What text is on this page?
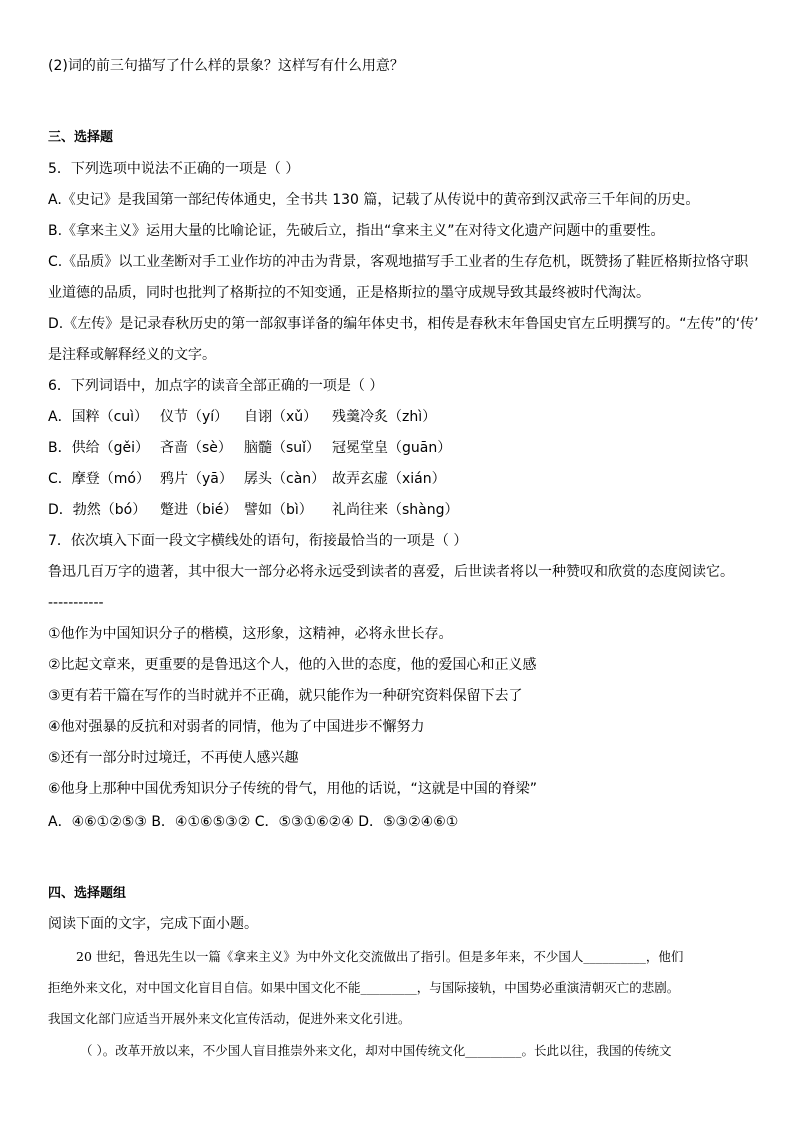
(2)词的前三句描写了什么样的景象？这样写有什么用意？
三、选择题
5．下列选项中说法不正确的一项是（ ）
A.《史记》是我国第一部纪传体通史，全书共 130 篇，记载了从传说中的黄帝到汉武帝三千年间的历史。
B.《拿来主义》运用大量的比喻论证，先破后立，指出“拿来主义”在对待文化遗产问题中的重要性。
C.《品质》以工业垄断对手工业作坊的冲击为背景，客观地描写手工业者的生存危机，既赞扬了鞋匠格斯拉恪守职
业道德的品质，同时也批判了格斯拉的不知变通，正是格斯拉的墨守成规导致其最终被时代淘汰。
D.《左传》是记录春秋历史的第一部叙事详备的编年体史书，相传是春秋末年鲁国史官左丘明撰写的。“左传”的‘传’
是注释或解释经义的文字。
6．下列词语中，加点字的读音全部正确的一项是（ ）
A．国粹（cuì） 仪节（yí） 自诩（xǔ） 残羹冷炙（zhì）
B．供给（gěi） 吝啬（sè） 脑髓（suǐ） 冠冕堂皇（guān）
C．摩登（mó） 鸦片（yā） 孱头（càn） 故弄玄虚（xián）
D．勃然（bó） 蹩进（bié） 譬如（bì） 礼尚往来（shàng）
7．依次填入下面一段文字横线处的语句，衔接最恰当的一项是（ ）
鲁迅几百万字的遗著，其中很大一部分必将永远受到读者的喜爱，后世读者将以一种赞叹和欣赏的态度阅读它。
-----------
①他作为中国知识分子的楷模，这形象，这精神，必将永世长存。
②比起文章来，更重要的是鲁迅这个人，他的入世的态度，他的爱国心和正义感
③更有若干篇在写作的当时就并不正确，就只能作为一种研究资料保留下去了
④他对强暴的反抗和对弱者的同情，他为了中国进步不懈努力
⑤还有一部分时过境迁，不再使人感兴趣
⑥他身上那种中国优秀知识分子传统的骨气，用他的话说，“这就是中国的脊梁”
A．④⑥①②⑤③ B．④①⑥⑤③② C．⑤③①⑥②④ D．⑤③②④⑥①
四、选择题组
阅读下面的文字，完成下面小题。
20 世纪，鲁迅先生以一篇《拿来主义》为中外文化交流做出了指引。但是多年来，不少国人__________，他们
拒绝外来文化，对中国文化盲目自信。如果中国文化不能_________，与国际接轨，中国势必重演清朝灭亡的悲剧。
我国文化部门应适当开展外来文化宣传活动，促进外来文化引进。
（ ）。改革开放以来，不少国人盲目推崇外来文化，却对中国传统文化_________。长此以往，我国的传统文
